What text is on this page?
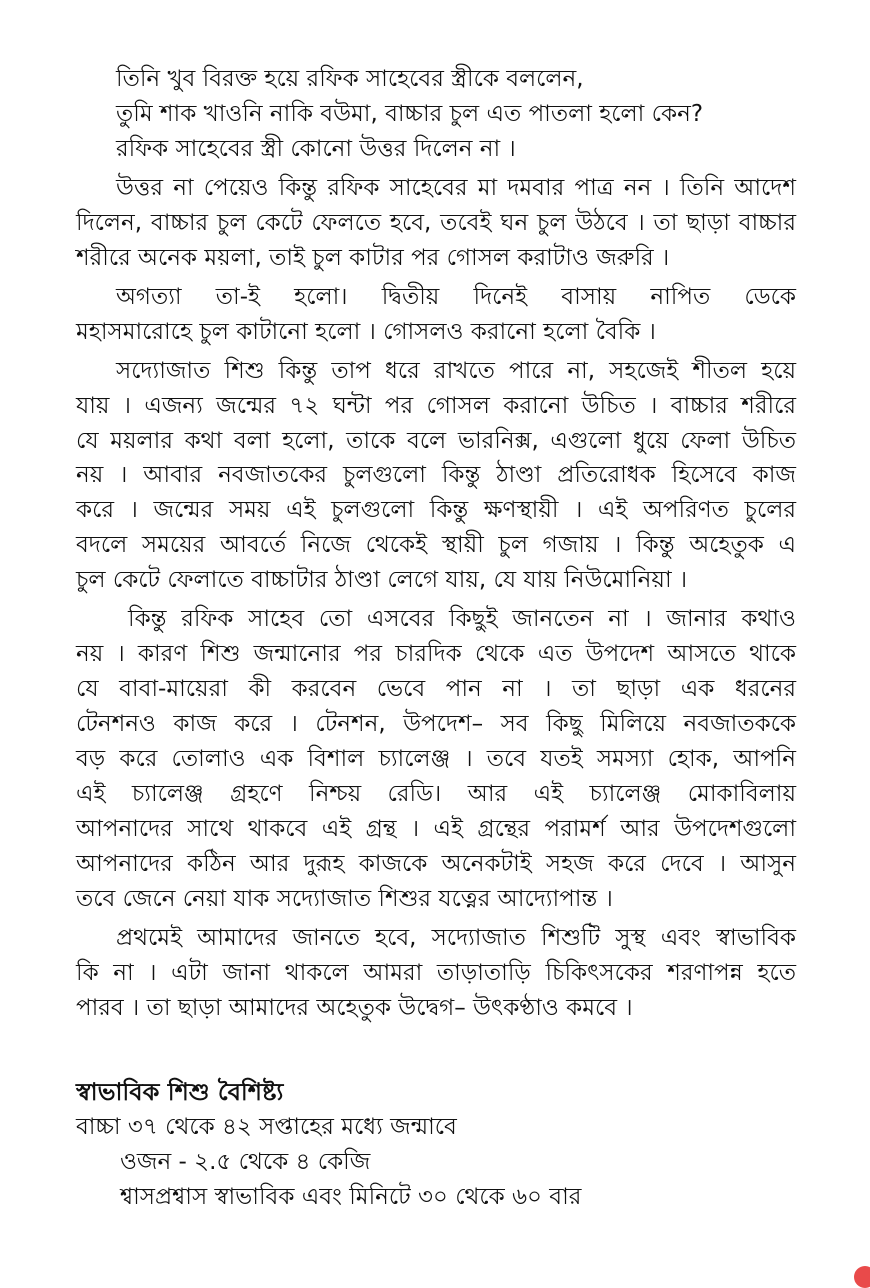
তিনি খুব বিরক্ত হয়ে রফিক সাহেবের স্ত্রীকে বললেন,
তুমি শাক খাওনি নাকি বউমা, বাচ্চার চুল এত পাতলা হলো কেন?
রফিক সাহেবের স্ত্রী কোনো উত্তর দিলেন না ।
উত্তর না পেয়েও কিন্তু রফিক সাহেবের মা দমবার পাত্র নন । তিনি আদেশ
দিলেন, বাচ্চার চুল কেটে ফেলতে হবে, তবেই ঘন চুল উঠবে । তা ছাড়া বাচ্চার
শরীরে অনেক ময়লা, তাই চুল কাটার পর গোসল করাটাও জরুরি ।
অগত্যা তা-ই হলো। দ্বিতীয় দিনেই বাসায় নাপিত ডেকে
মহাসমারোহে চুল কাটানো হলো । গোসলও করানো হলো বৈকি ।
সদ্যোজাত শিশু কিন্তু তাপ ধরে রাখতে পারে না, সহজেই শীতল হয়ে
যায় । এজন্য জন্মের ৭২ ঘন্টা পর গোসল করানো উচিত । বাচ্চার শরীরে
যে ময়লার কথা বলা হলো, তাকে বলে ভারনিক্স, এগুলো ধুয়ে ফেলা উচিত
নয় । আবার নবজাতকের চুলগুলো কিন্তু ঠাণ্ডা প্রতিরোধক হিসেবে কাজ
করে । জন্মের সময় এই চুলগুলো কিন্তু ক্ষণস্থায়ী । এই অপরিণত চুলের
বদলে সময়ের আবর্তে নিজে থেকেই স্থায়ী চুল গজায় । কিন্তু অহেতুক এ
চুল কেটে ফেলাতে বাচ্চাটার ঠাণ্ডা লেগে যায়, যে যায় নিউমোনিয়া ।
কিন্তু রফিক সাহেব তো এসবের কিছুই জানতেন না । জানার কথাও
নয় । কারণ শিশু জন্মানোর পর চারদিক থেকে এত উপদেশ আসতে থাকে
যে বাবা-মায়েরা কী করবেন ভেবে পান না । তা ছাড়া এক ধরনের
টেনশনও কাজ করে । টেনশন, উপদেশ– সব কিছু মিলিয়ে নবজাতককে
বড় করে তোলাও এক বিশাল চ্যালেঞ্জ । তবে যতই সমস্যা হোক, আপনি
এই চ্যালেঞ্জ গ্রহণে নিশ্চয় রেডি। আর এই চ্যালেঞ্জ মোকাবিলায়
আপনাদের সাথে থাকবে এই গ্রন্থ । এই গ্রন্থের পরামর্শ আর উপদেশগুলো
আপনাদের কঠিন আর দুরূহ কাজকে অনেকটাই সহজ করে দেবে । আসুন
তবে জেনে নেয়া যাক সদ্যোজাত শিশুর যত্নের আদ্যোপান্ত ।
প্রথমেই আমাদের জানতে হবে, সদ্যোজাত শিশুটি সুস্থ এবং স্বাভাবিক
কি না । এটা জানা থাকলে আমরা তাড়াতাড়ি চিকিৎসকের শরণাপন্ন হতে
পারব । তা ছাড়া আমাদের অহেতুক উদ্বেগ– উৎকণ্ঠাও কমবে ।
স্বাভাবিক শিশু বৈশিষ্ট্য
বাচ্চা ৩৭ থেকে ৪২ সপ্তাহের মধ্যে জন্মাবে
ওজন - ২.৫ থেকে ৪ কেজি
শ্বাসপ্রশ্বাস স্বাভাবিক এবং মিনিটে ৩০ থেকে ৬০ বার
